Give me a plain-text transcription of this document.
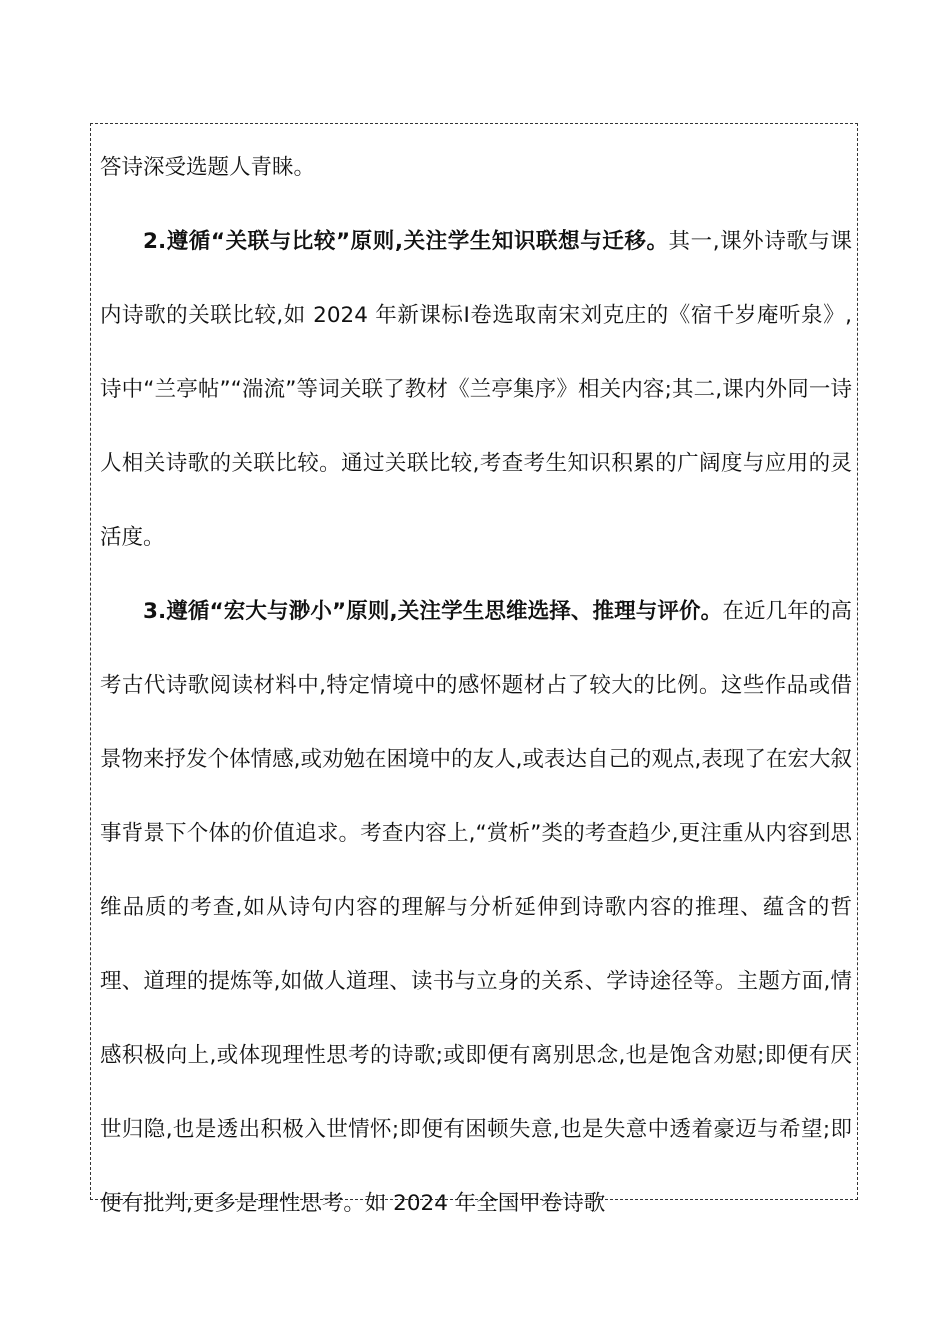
答诗深受选题人青睐。

2.遵循“关联与比较”原则,关注学生知识联想与迁移。其一,课外诗歌与课内诗歌的关联比较,如 2024 年新课标Ⅰ卷选取南宋刘克庄的《宿千岁庵听泉》,诗中“兰亭帖”“湍流”等词关联了教材《兰亭集序》相关内容;其二,课内外同一诗人相关诗歌的关联比较。通过关联比较,考查考生知识积累的广阔度与应用的灵活度。

3.遵循“宏大与渺小”原则,关注学生思维选择、推理与评价。在近几年的高考古代诗歌阅读材料中,特定情境中的感怀题材占了较大的比例。这些作品或借景物来抒发个体情感,或劝勉在困境中的友人,或表达自己的观点,表现了在宏大叙事背景下个体的价值追求。考查内容上,“赏析”类的考查趋少,更注重从内容到思维品质的考查,如从诗句内容的理解与分析延伸到诗歌内容的推理、蕴含的哲理、道理的提炼等,如做人道理、读书与立身的关系、学诗途径等。主题方面,情感积极向上,或体现理性思考的诗歌;或即便有离别思念,也是饱含劝慰;即便有厌世归隐,也是透出积极入世情怀;即便有困顿失意,也是失意中透着豪迈与希望;即便有批判,更多是理性思考。如 2024 年全国甲卷诗歌
